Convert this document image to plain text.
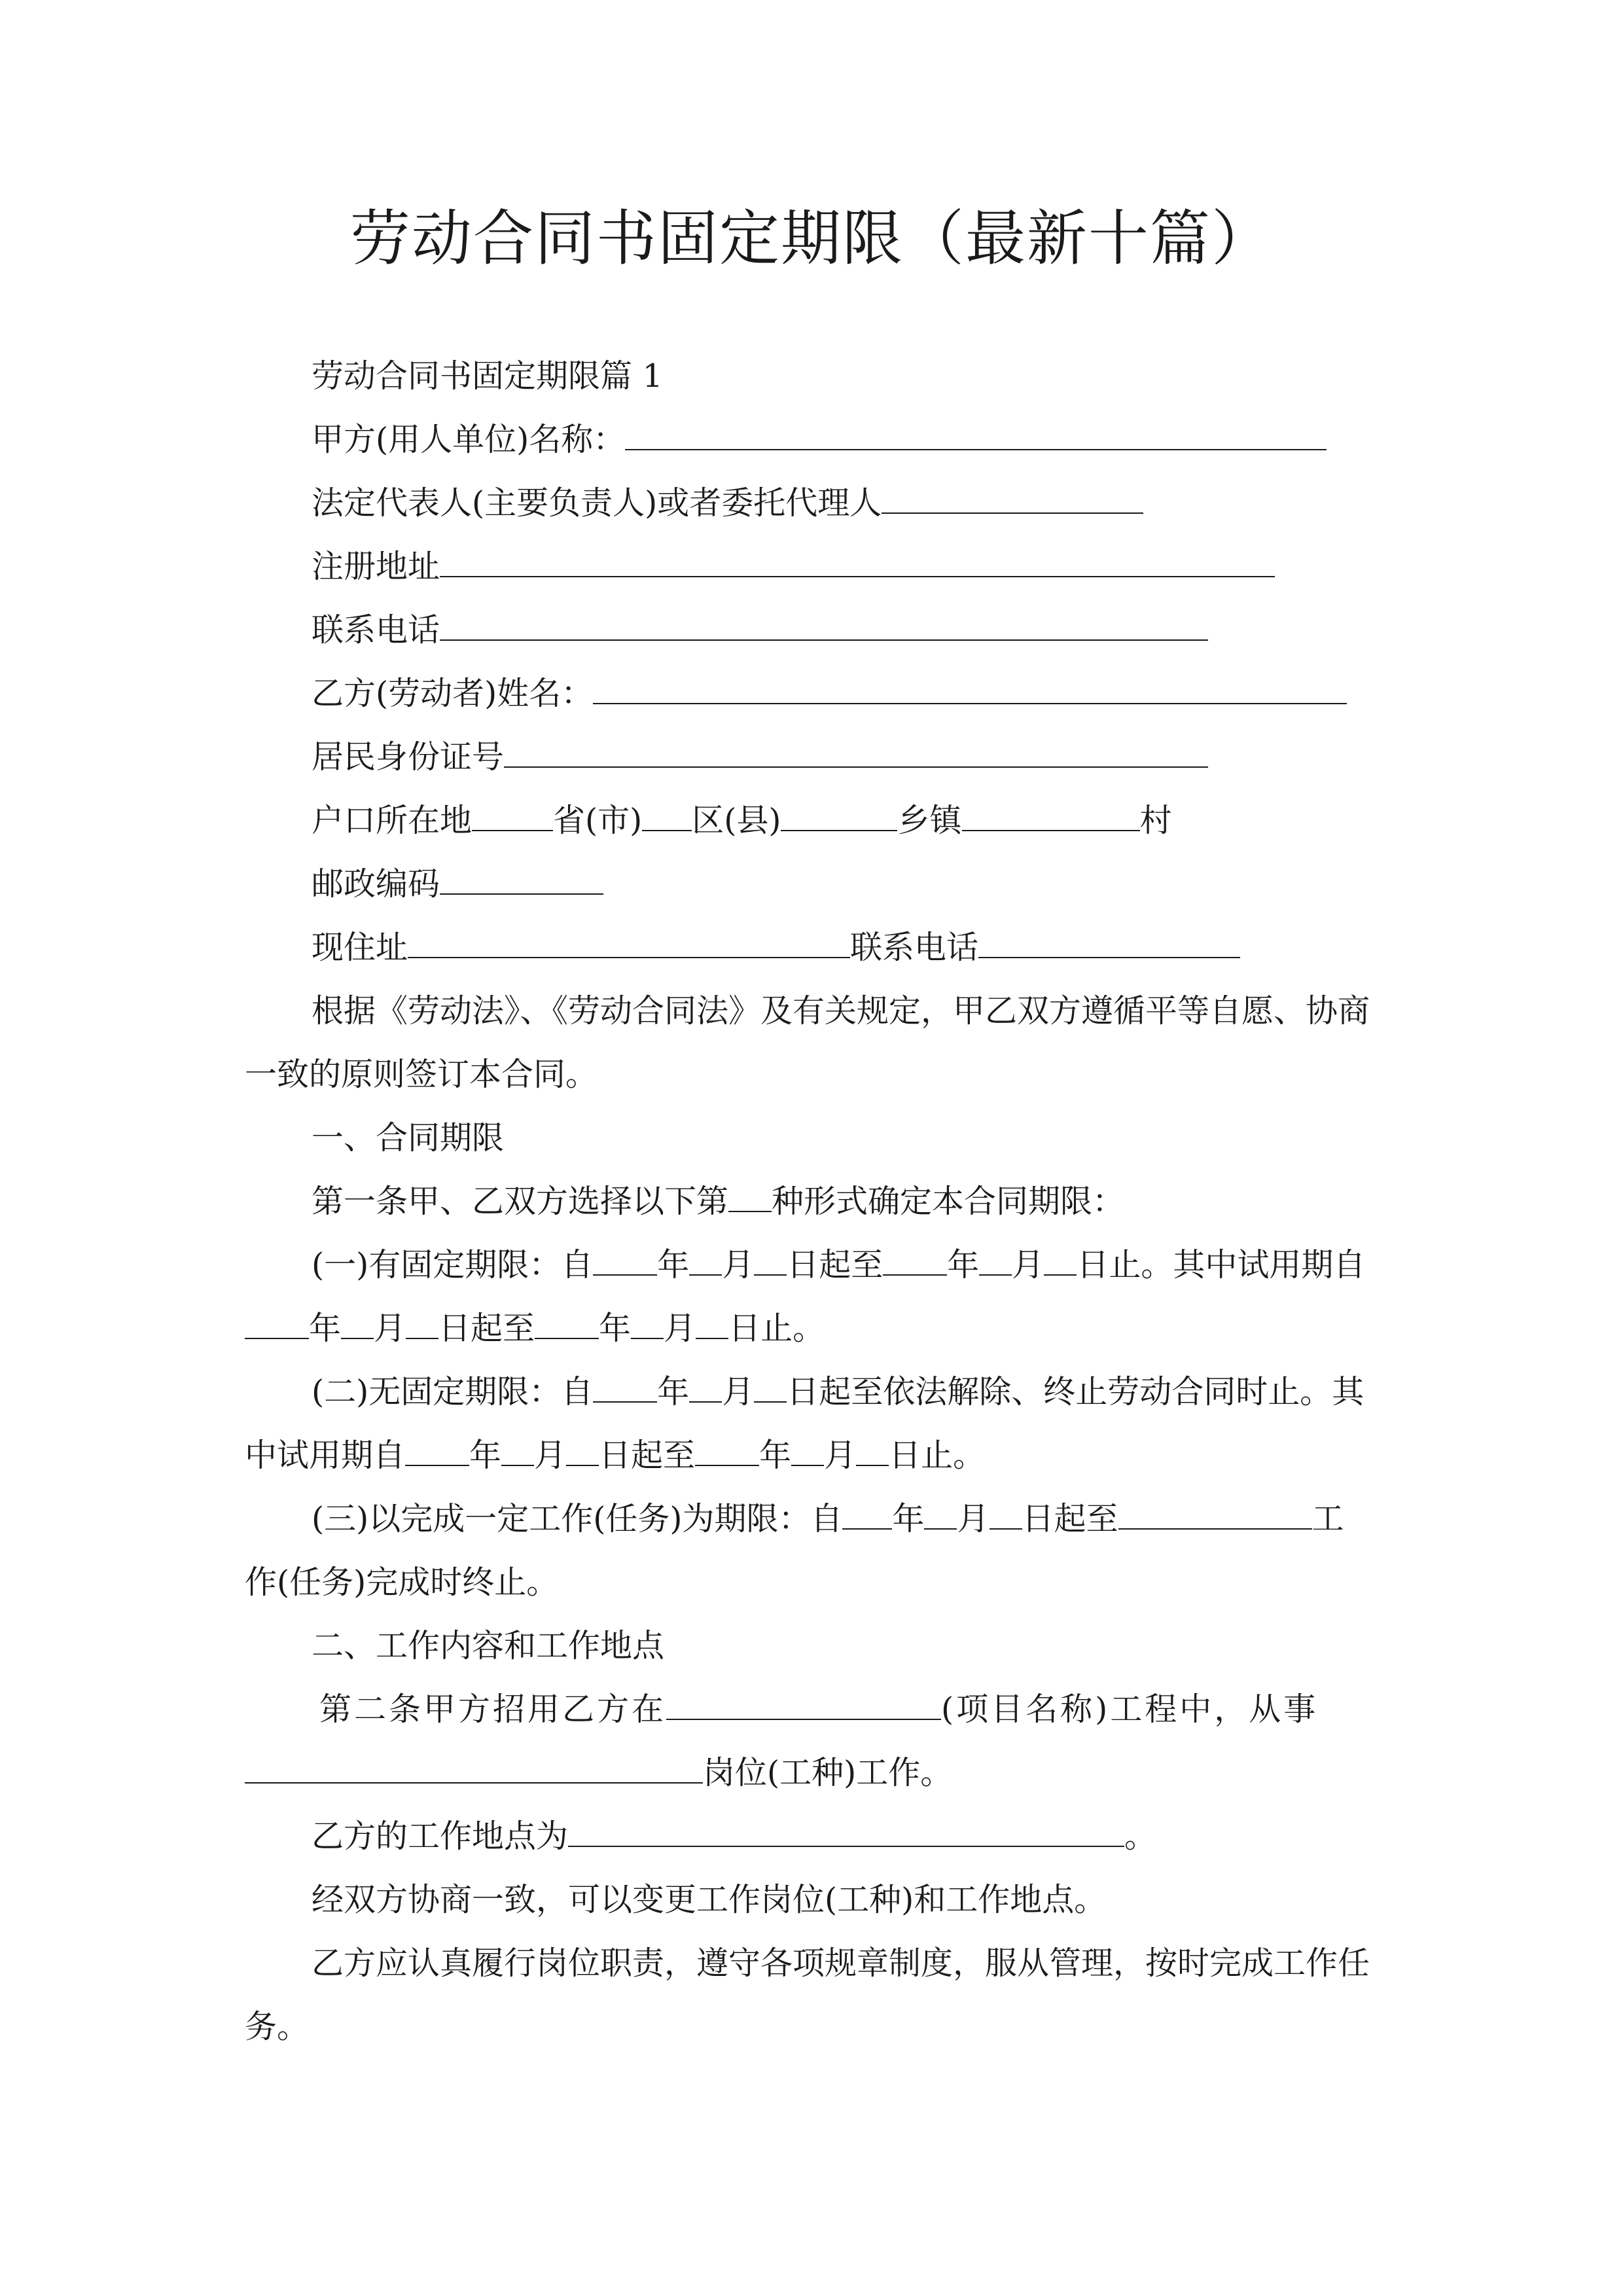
劳动合同书固定期限（最新十篇）
劳动合同书固定期限篇 1
甲方(用人单位)名称：
法定代表人(主要负责人)或者委托代理人
注册地址
联系电话
乙方(劳动者)姓名：
居民身份证号
户口所在地	省(市) 区(县)	乡镇	村
邮政编码
现住址	联系电话
根据《劳动法》、《劳动合同法》及有关规定，甲乙双方遵循平等自愿、协商
一致的原则签订本合同。
一、合同期限
第一条甲、乙双方选择以下第 种形式确定本合同期限：
(一)有固定期限：自 年 月 日起至 年 月 日止。其中试用期自
年 月 日起至 年 月 日止。
(二)无固定期限：自 年 月 日起至依法解除、终止劳动合同时止。其
中试用期自 年 月 日起至 年 月 日止。
(三)以完成一定工作(任务)为期限：自 年 月 日起至	工
作(任务)完成时终止。
二、工作内容和工作地点
第二条甲方招用乙方在	(项目名称)工程中，从事
岗位(工种)工作。
乙方的工作地点为	。
经双方协商一致，可以变更工作岗位(工种)和工作地点。
乙方应认真履行岗位职责，遵守各项规章制度，服从管理，按时完成工作任
务。
